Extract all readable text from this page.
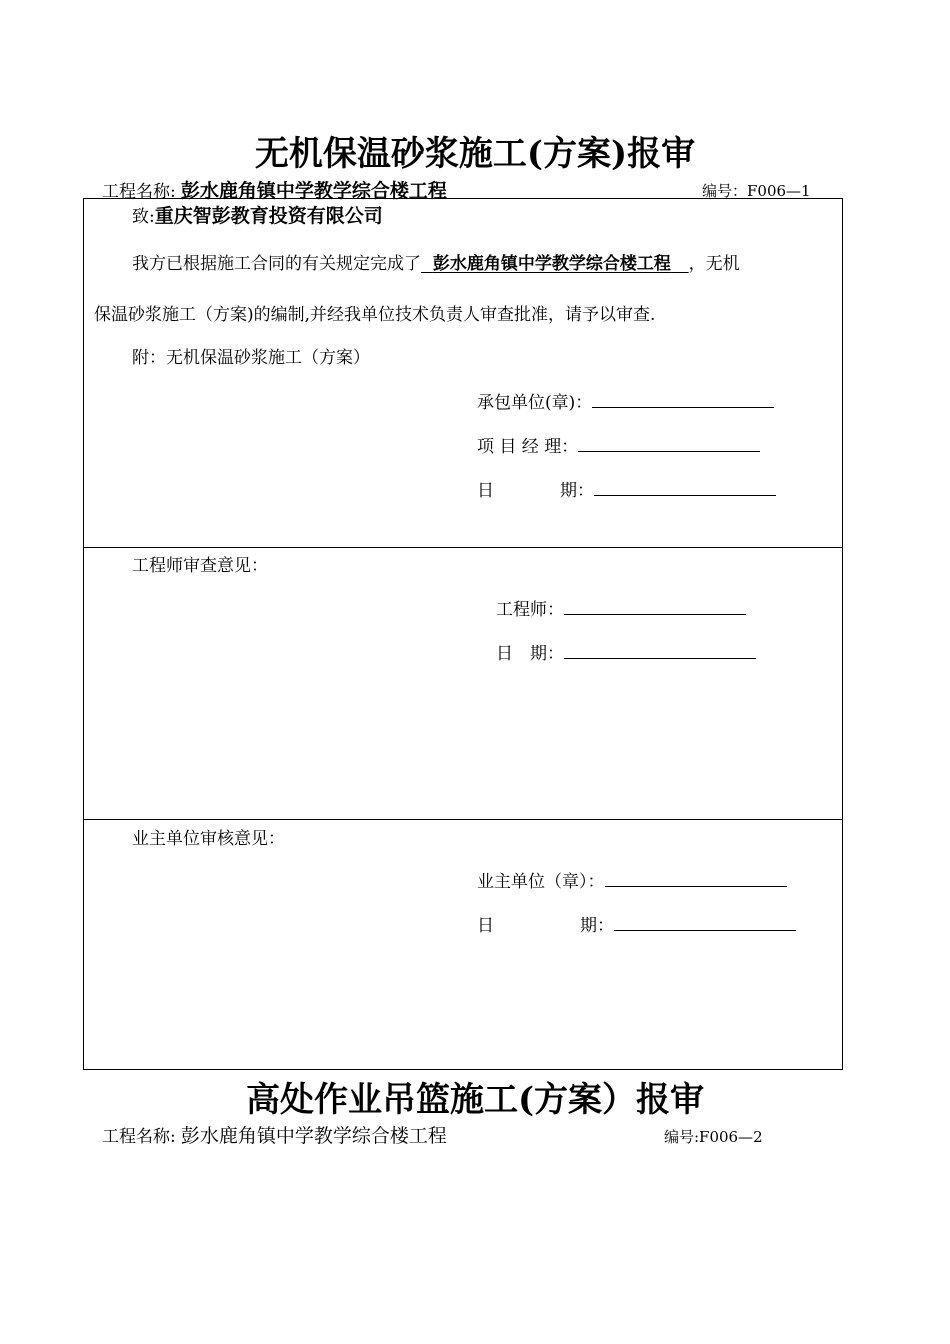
无机保温砂浆施工(方案)报审
工程名称: 彭水鹿角镇中学教学综合楼工程	编号：F006—1
致:重庆智彭教育投资有限公司
我方已根据施工合同的有关规定完成了 彭水鹿角镇中学教学综合楼工程 ，无机
保温砂浆施工（方案)的编制,并经我单位技术负责人审查批准，请予以审查.
附：无机保温砂浆施工（方案）
承包单位(章)：
项 目 经 理：
日	期：
工程师审查意见：
工程师：
日　期：
业主单位审核意见：
业主单位（章）：
日	期：
高处作业吊篮施工(方案）报审
工程名称: 彭水鹿角镇中学教学综合楼工程	编号:F006—2
